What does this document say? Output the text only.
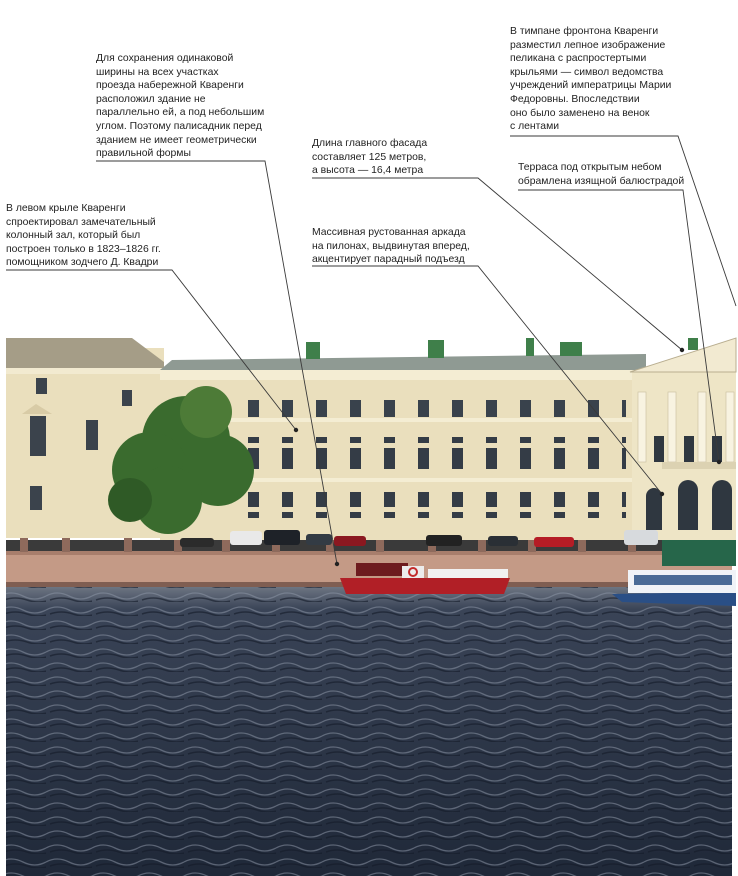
Для сохранения одинаковой
ширины на всех участках
проезда набережной Кваренги
расположил здание не
параллельно ей, а под небольшим
углом. Поэтому палисадник перед
зданием не имеет геометрически
правильной формы

В тимпане фронтона Кваренги
разместил лепное изображение
пеликана с распростертыми
крыльями — символ ведомства
учреждений императрицы Марии
Федоровны. Впоследствии
оно было заменено на венок
с лентами

Длина главного фасада
составляет 125 метров,
а высота — 16,4 метра	Терраса под открытым небом
обрамлена изящной балюстрадой

В левом крыле Кваренги
спроектировал замечательный
колонный зал, который был
построен только в 1823–1826 гг.
помощником зодчего Д. Квадри

Массивная рустованная аркада
на пилонах, выдвинутая вперед,
акцентирует парадный подъезд
